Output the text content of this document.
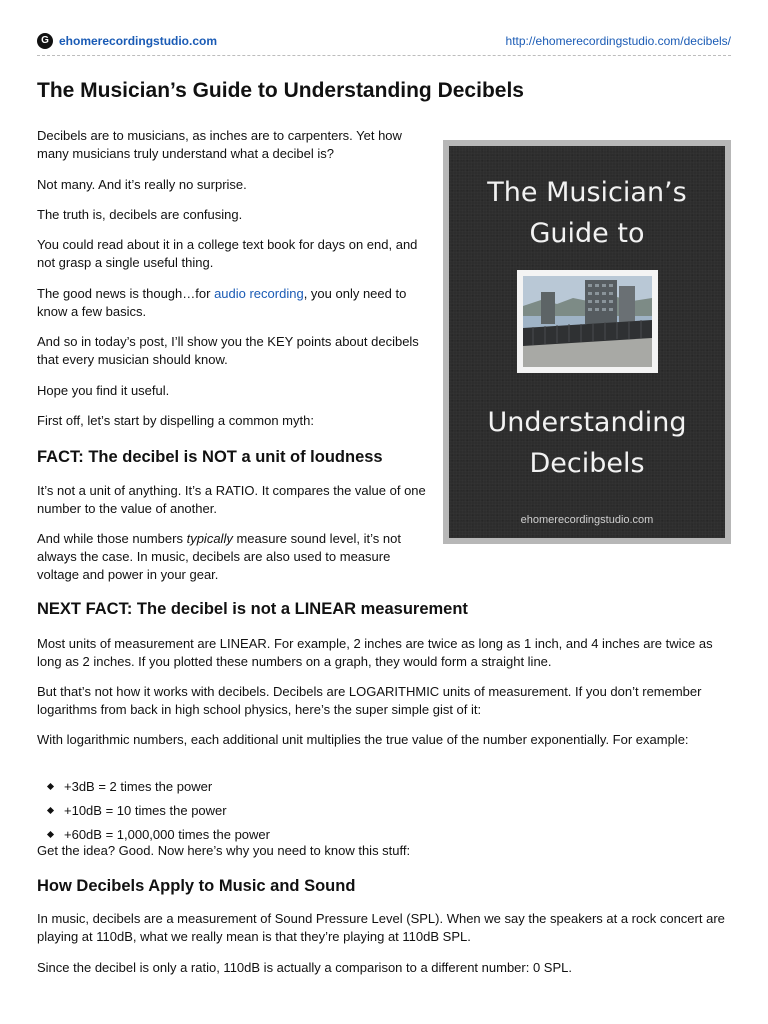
G ehomerecordingstudio.com	http://ehomerecordingstudio.com/decibels/
The Musician’s Guide to Understanding Decibels

Decibels are to musicians, as inches are to carpenters. Yet how many musicians truly understand what a decibel is?

Not many. And it’s really no surprise.

The truth is, decibels are confusing.

You could read about it in a college text book for days on end, and not grasp a single useful thing.

The good news is though…for audio recording, you only need to know a few basics.

And so in today’s post, I’ll show you the KEY points about decibels that every musician should know.

Hope you find it useful.

First off, let’s start by dispelling a common myth:

FACT: The decibel is NOT a unit of loudness

It’s not a unit of anything. It’s a RATIO. It compares the value of one number to the value of another.

And while those numbers typically measure sound level, it’s not always the case. In music, decibels are also used to measure voltage and power in your gear.

NEXT FACT: The decibel is not a LINEAR measurement

Most units of measurement are LINEAR. For example, 2 inches are twice as long as 1 inch, and 4 inches are twice as long as 2 inches. If you plotted these numbers on a graph, they would form a straight line.

But that’s not how it works with decibels. Decibels are LOGARITHMIC units of measurement. If you don’t remember logarithms from back in high school physics, here’s the super simple gist of it:

With logarithmic numbers, each additional unit multiplies the true value of the number exponentially. For example:

+3dB = 2 times the power
+10dB = 10 times the power
+60dB = 1,000,000 times the power

Get the idea? Good. Now here’s why you need to know this stuff:

How Decibels Apply to Music and Sound

In music, decibels are a measurement of Sound Pressure Level (SPL). When we say the speakers at a rock concert are playing at 110dB, what we really mean is that they’re playing at 110dB SPL.

Since the decibel is only a ratio, 110dB is actually a comparison to a different number: 0 SPL.

The Musician’s
Guide to
Understanding
Decibels
ehomerecordingstudio.com
